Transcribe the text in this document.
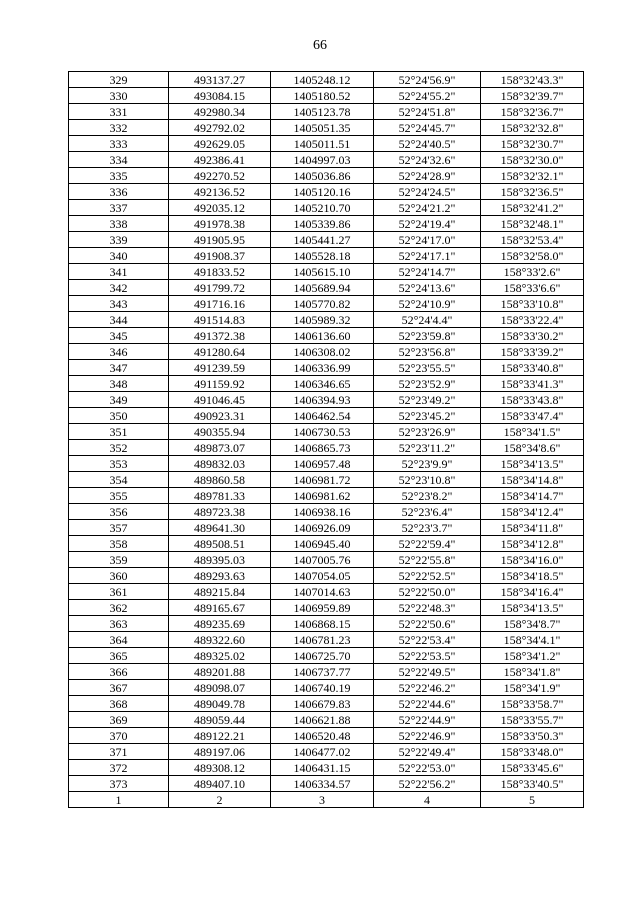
66
329	493137.27	1405248.12	52°24'56.9"	158°32'43.3"
330	493084.15	1405180.52	52°24'55.2"	158°32'39.7"
331	492980.34	1405123.78	52°24'51.8"	158°32'36.7"
332	492792.02	1405051.35	52°24'45.7"	158°32'32.8"
333	492629.05	1405011.51	52°24'40.5"	158°32'30.7"
334	492386.41	1404997.03	52°24'32.6"	158°32'30.0"
335	492270.52	1405036.86	52°24'28.9"	158°32'32.1"
336	492136.52	1405120.16	52°24'24.5"	158°32'36.5"
337	492035.12	1405210.70	52°24'21.2"	158°32'41.2"
338	491978.38	1405339.86	52°24'19.4"	158°32'48.1"
339	491905.95	1405441.27	52°24'17.0"	158°32'53.4"
340	491908.37	1405528.18	52°24'17.1"	158°32'58.0"
341	491833.52	1405615.10	52°24'14.7"	158°33'2.6"
342	491799.72	1405689.94	52°24'13.6"	158°33'6.6"
343	491716.16	1405770.82	52°24'10.9"	158°33'10.8"
344	491514.83	1405989.32	52°24'4.4"	158°33'22.4"
345	491372.38	1406136.60	52°23'59.8"	158°33'30.2"
346	491280.64	1406308.02	52°23'56.8"	158°33'39.2"
347	491239.59	1406336.99	52°23'55.5"	158°33'40.8"
348	491159.92	1406346.65	52°23'52.9"	158°33'41.3"
349	491046.45	1406394.93	52°23'49.2"	158°33'43.8"
350	490923.31	1406462.54	52°23'45.2"	158°33'47.4"
351	490355.94	1406730.53	52°23'26.9"	158°34'1.5"
352	489873.07	1406865.73	52°23'11.2"	158°34'8.6"
353	489832.03	1406957.48	52°23'9.9"	158°34'13.5"
354	489860.58	1406981.72	52°23'10.8"	158°34'14.8"
355	489781.33	1406981.62	52°23'8.2"	158°34'14.7"
356	489723.38	1406938.16	52°23'6.4"	158°34'12.4"
357	489641.30	1406926.09	52°23'3.7"	158°34'11.8"
358	489508.51	1406945.40	52°22'59.4"	158°34'12.8"
359	489395.03	1407005.76	52°22'55.8"	158°34'16.0"
360	489293.63	1407054.05	52°22'52.5"	158°34'18.5"
361	489215.84	1407014.63	52°22'50.0"	158°34'16.4"
362	489165.67	1406959.89	52°22'48.3"	158°34'13.5"
363	489235.69	1406868.15	52°22'50.6"	158°34'8.7"
364	489322.60	1406781.23	52°22'53.4"	158°34'4.1"
365	489325.02	1406725.70	52°22'53.5"	158°34'1.2"
366	489201.88	1406737.77	52°22'49.5"	158°34'1.8"
367	489098.07	1406740.19	52°22'46.2"	158°34'1.9"
368	489049.78	1406679.83	52°22'44.6"	158°33'58.7"
369	489059.44	1406621.88	52°22'44.9"	158°33'55.7"
370	489122.21	1406520.48	52°22'46.9"	158°33'50.3"
371	489197.06	1406477.02	52°22'49.4"	158°33'48.0"
372	489308.12	1406431.15	52°22'53.0"	158°33'45.6"
373	489407.10	1406334.57	52°22'56.2"	158°33'40.5"
1	2	3	4	5
